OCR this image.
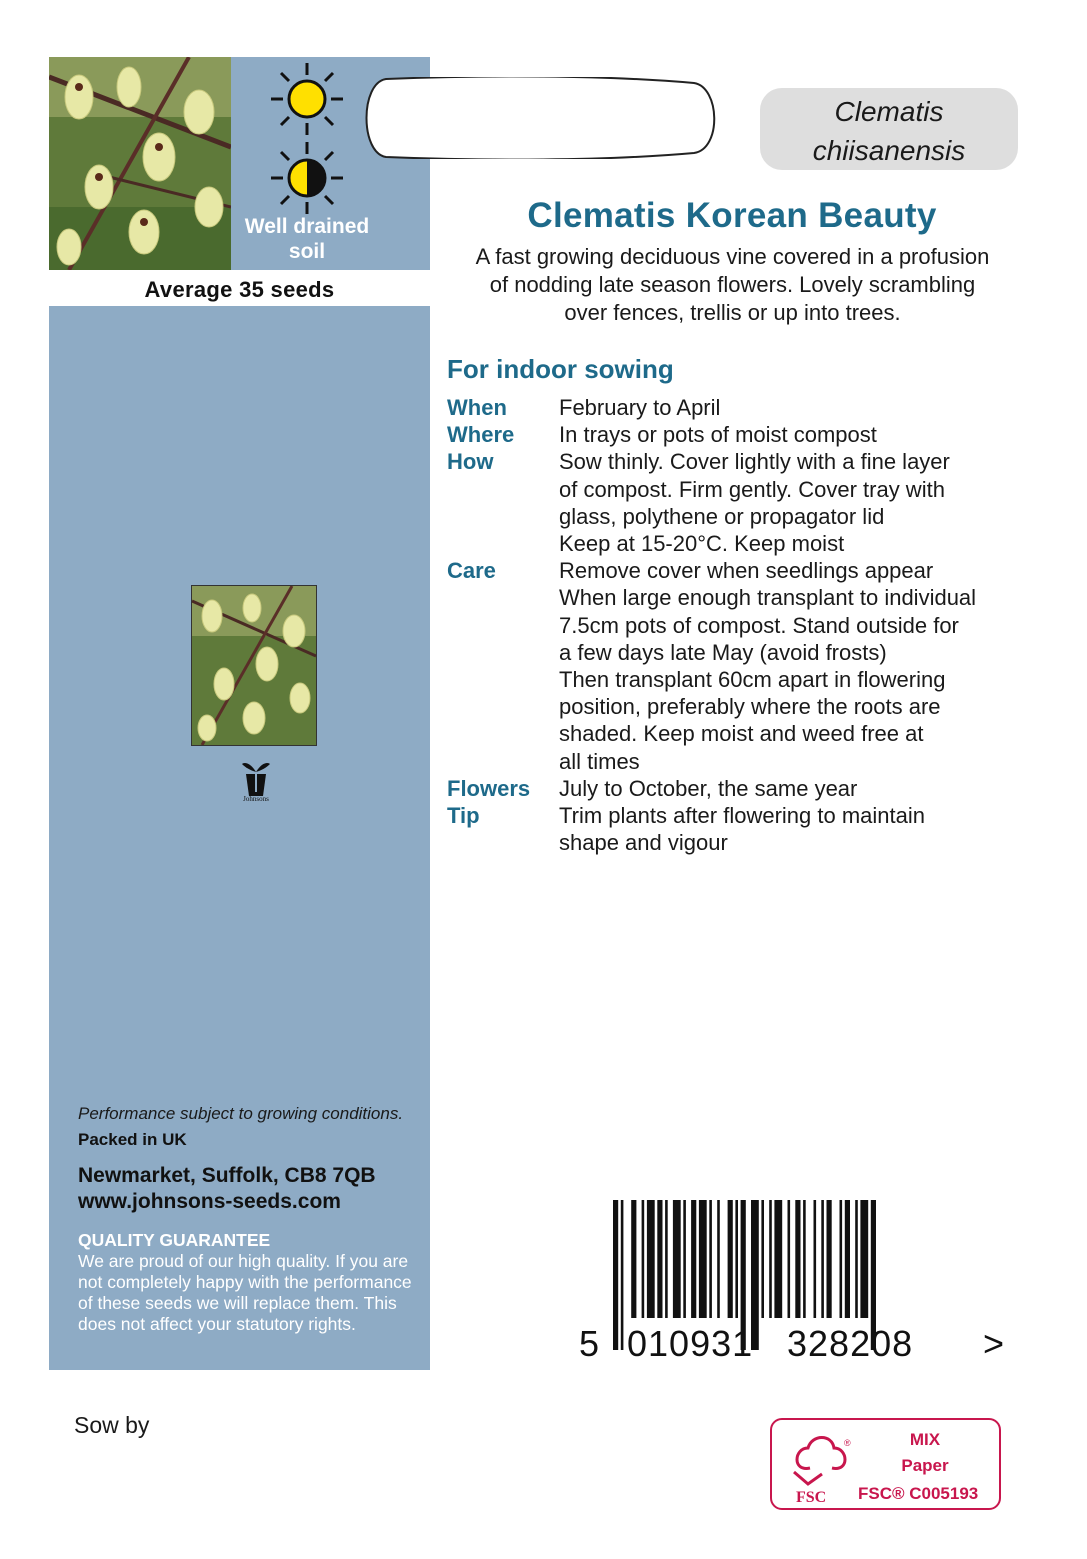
Well drained soil
Average 35 seeds
Johnsons
Performance subject to growing conditions.
Packed in UK
Newmarket, Suffolk, CB8 7QB
www.johnsons-seeds.com
QUALITY GUARANTEE
We are proud of our high quality. If you are not completely happy with the performance of these seeds we will replace them. This does not affect your statutory rights.
Clematis
chiisanensis
Clematis Korean Beauty
A fast growing deciduous vine covered in a profusion
of nodding late season flowers. Lovely scrambling
over fences, trellis or up into trees.
For indoor sowing
When	February to April
Where	In trays or pots of moist compost
How	Sow thinly. Cover lightly with a fine layer
of compost. Firm gently. Cover tray with
glass, polythene or propagator lid
Keep at 15-20°C. Keep moist
Care	Remove cover when seedlings appear
When large enough transplant to individual
7.5cm pots of compost. Stand outside for
a few days late May (avoid frosts)
Then transplant 60cm apart in flowering
position, preferably where the roots are
shaded. Keep moist and weed free at
all times
Flowers	July to October, the same year
Tip	Trim plants after flowering to maintain
shape and vigour
5 010931 328208 >
Sow by
®
FSC
MIX
Paper
FSC® C005193
